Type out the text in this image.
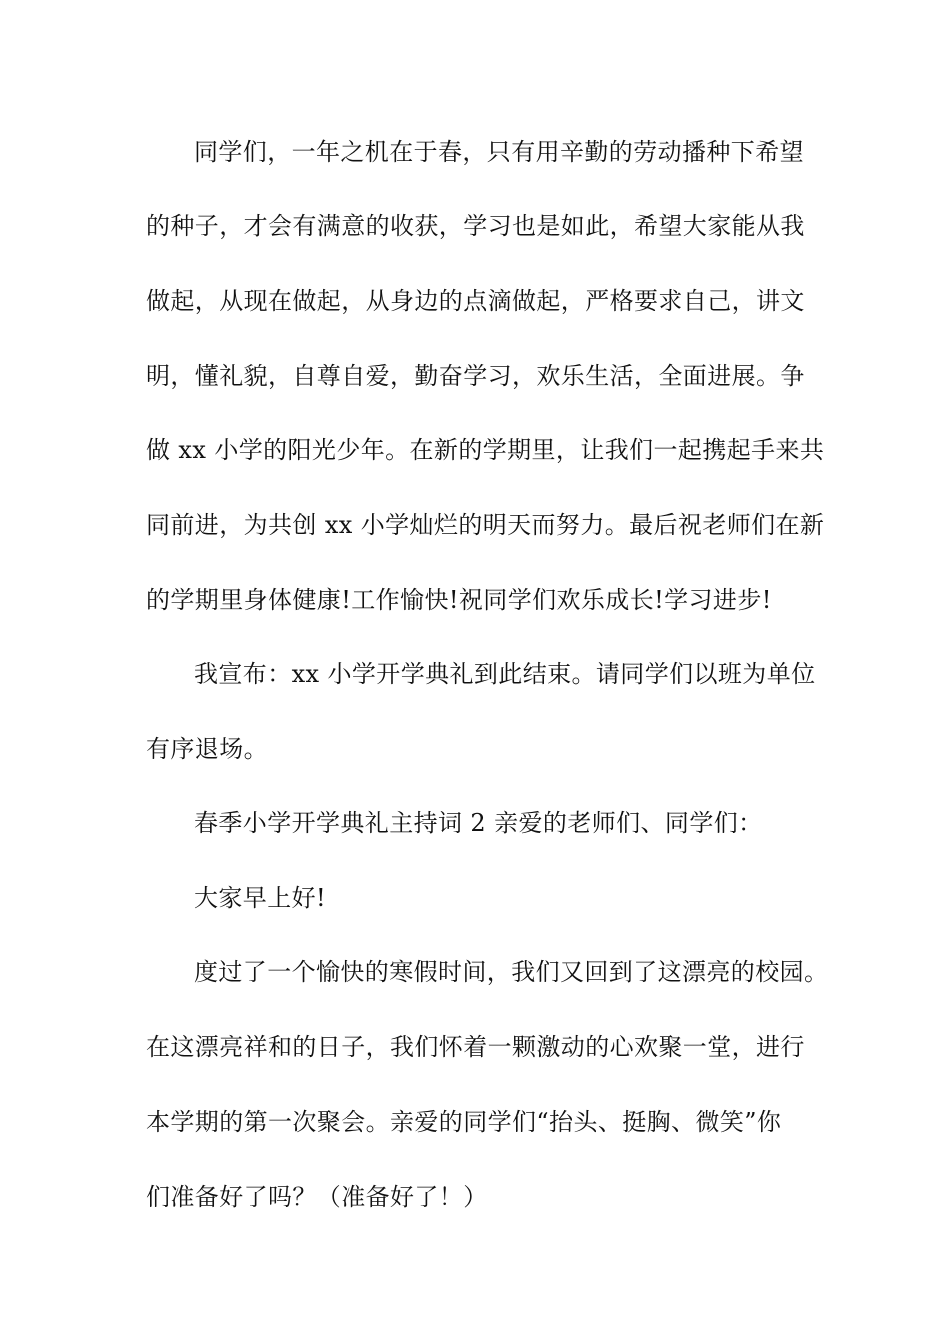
同学们，一年之机在于春，只有用辛勤的劳动播种下希望
的种子，才会有满意的收获，学习也是如此，希望大家能从我
做起，从现在做起，从身边的点滴做起，严格要求自己，讲文
明，懂礼貌，自尊自爱，勤奋学习，欢乐生活，全面进展。争
做 xx 小学的阳光少年。在新的学期里，让我们一起携起手来共
同前进，为共创 xx 小学灿烂的明天而努力。最后祝老师们在新
的学期里身体健康!工作愉快!祝同学们欢乐成长!学习进步!
我宣布：xx 小学开学典礼到此结束。请同学们以班为单位
有序退场。
春季小学开学典礼主持词 2 亲爱的老师们、同学们：
大家早上好!
度过了一个愉快的寒假时间，我们又回到了这漂亮的校园。
在这漂亮祥和的日子，我们怀着一颗激动的心欢聚一堂，进行
本学期的第一次聚会。亲爱的同学们“抬头、挺胸、微笑”你
们准备好了吗？（准备好了！）
